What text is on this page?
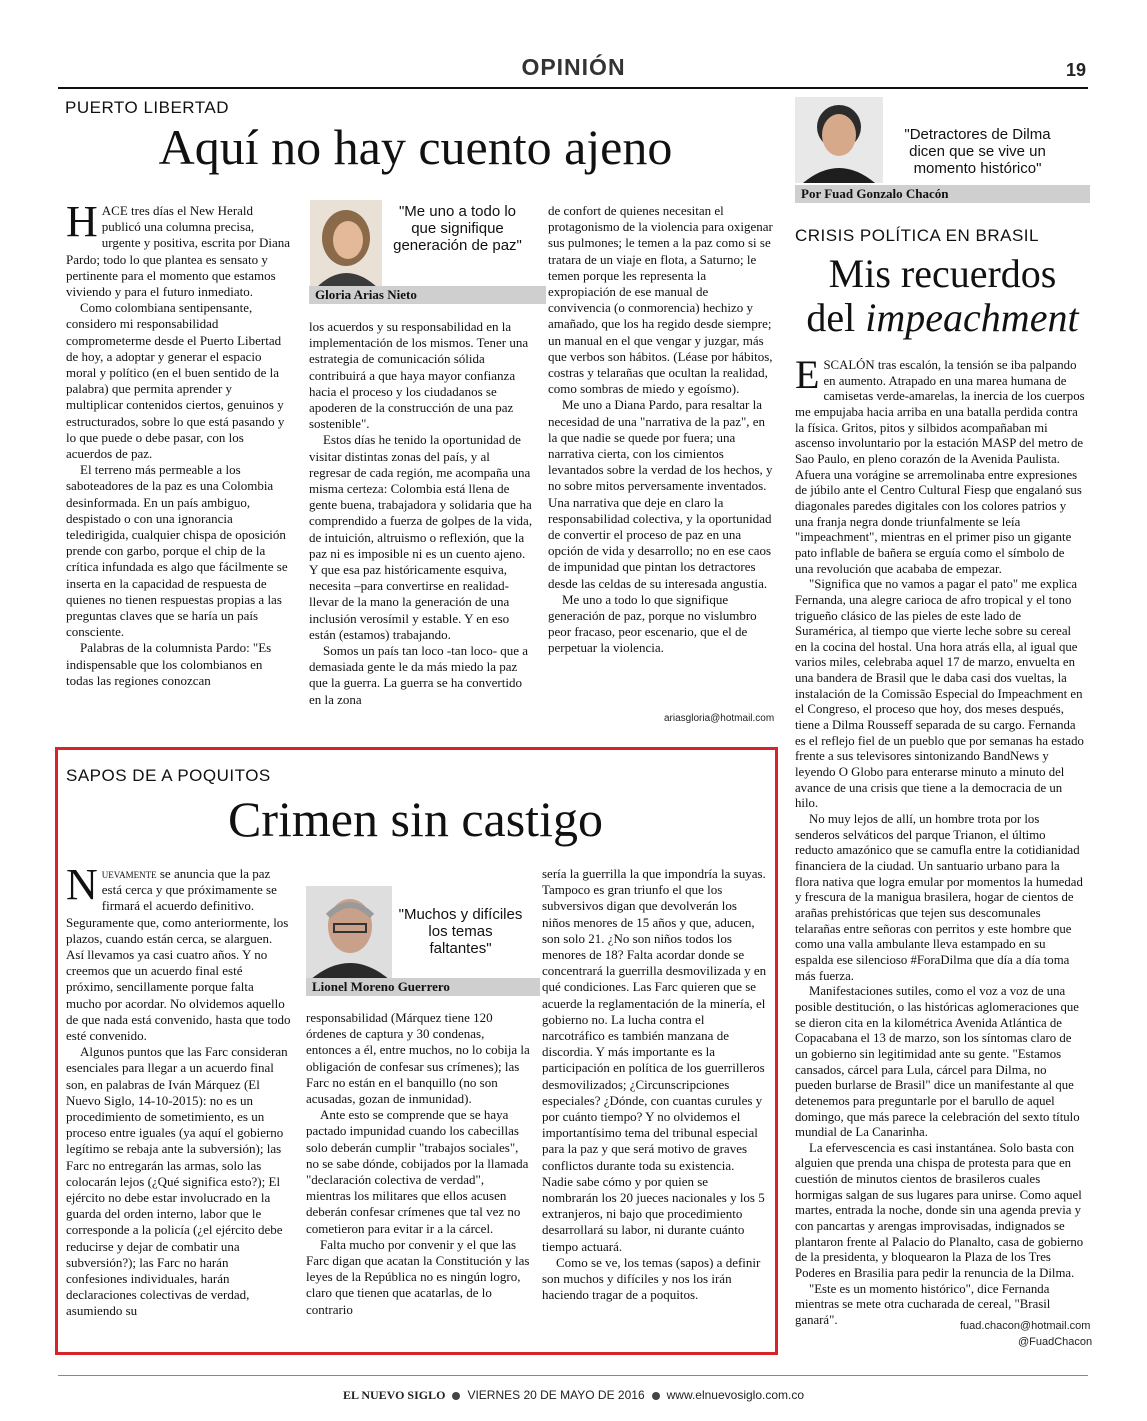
OPINIÓN	19
PUERTO LIBERTAD
Aquí no hay cuento ajeno

HACE tres días el New Herald publicó una columna precisa, urgente y positiva, escrita por Diana Pardo; todo lo que plantea es sensato y pertinente para el momento que estamos viviendo y para el futuro inmediato.

Como colombiana sentipensante, considero mi responsabilidad comprometerme desde el Puerto Libertad de hoy, a adoptar y generar el espacio moral y político (en el buen sentido de la palabra) que permita aprender y multiplicar contenidos ciertos, genuinos y estructurados, sobre lo que está pasando y lo que puede o debe pasar, con los acuerdos de paz.

El terreno más permeable a los saboteadores de la paz es una Colombia desinformada. En un país ambiguo, despistado o con una ignorancia teledirigida, cualquier chispa de oposición prende con garbo, porque el chip de la crítica infundada es algo que fácilmente se inserta en la capacidad de respuesta de quienes no tienen respuestas propias a las preguntas claves que se haría un país consciente.

Palabras de la columnista Pardo: "Es indispensable que los colombianos en todas las regiones conozcan

"Me uno a todo lo que signifique generación de paz"
Gloria Arias Nieto

los acuerdos y su responsabilidad en la implementación de los mismos. Tener una estrategia de comunicación sólida contribuirá a que haya mayor confianza hacia el proceso y los ciudadanos se apoderen de la construcción de una paz sostenible".

Estos días he tenido la oportunidad de visitar distintas zonas del país, y al regresar de cada región, me acompaña una misma certeza: Colombia está llena de gente buena, trabajadora y solidaria que ha comprendido a fuerza de golpes de la vida, de intuición, altruismo o reflexión, que la paz ni es imposible ni es un cuento ajeno. Y que esa paz históricamente esquiva, necesita –para convertirse en realidad- llevar de la mano la generación de una inclusión verosímil y estable. Y en eso están (estamos) trabajando.

Somos un país tan loco -tan loco- que a demasiada gente le da más miedo la paz que la guerra. La guerra se ha convertido en la zona

de confort de quienes necesitan el protagonismo de la violencia para oxigenar sus pulmones; le temen a la paz como si se tratara de un viaje en flota, a Saturno; le temen porque les representa la expropiación de ese manual de convivencia (o conmorencia) hechizo y amañado, que los ha regido desde siempre; un manual en el que vengar y juzgar, más que verbos son hábitos. (Léase por hábitos, costras y telarañas que ocultan la realidad, como sombras de miedo y egoísmo).

Me uno a Diana Pardo, para resaltar la necesidad de una "narrativa de la paz", en la que nadie se quede por fuera; una narrativa cierta, con los cimientos levantados sobre la verdad de los hechos, y no sobre mitos perversamente inventados. Una narrativa que deje en claro la responsabilidad colectiva, y la oportunidad de convertir el proceso de paz en una opción de vida y desarrollo; no en ese caos de impunidad que pintan los detractores desde las celdas de su interesada angustia.

Me uno a todo lo que signifique generación de paz, porque no vislumbro peor fracaso, peor escenario, que el de perpetuar la violencia.

ariasgloria@hotmail.com
"Detractores de Dilma dicen que se vive un momento histórico"
Por Fuad Gonzalo Chacón
CRISIS POLÍTICA EN BRASIL
Mis recuerdos
del impeachment

ESCALÓN tras escalón, la tensión se iba palpando en aumento. Atrapado en una marea humana de camisetas verde-amarelas, la inercia de los cuerpos me empujaba hacia arriba en una batalla perdida contra la física. Gritos, pitos y silbidos acompañaban mi ascenso involuntario por la estación MASP del metro de Sao Paulo, en pleno corazón de la Avenida Paulista. Afuera una vorágine se arremolinaba entre expresiones de júbilo ante el Centro Cultural Fiesp que engalanó sus diagonales paredes digitales con los colores patrios y una franja negra donde triunfalmente se leía "impeachment", mientras en el primer piso un gigante pato inflable de bañera se erguía como el símbolo de una revolución que acababa de empezar.

"Significa que no vamos a pagar el pato" me explica Fernanda, una alegre carioca de afro tropical y el tono trigueño clásico de las pieles de este lado de Suramérica, al tiempo que vierte leche sobre su cereal en la cocina del hostal. Una hora atrás ella, al igual que varios miles, celebraba aquel 17 de marzo, envuelta en una bandera de Brasil que le daba casi dos vueltas, la instalación de la Comissão Especial do Impeachment en el Congreso, el proceso que hoy, dos meses después, tiene a Dilma Rousseff separada de su cargo. Fernanda es el reflejo fiel de un pueblo que por semanas ha estado frente a sus televisores sintonizando BandNews y leyendo O Globo para enterarse minuto a minuto del avance de una crisis que tiene a la democracia de un hilo.

No muy lejos de allí, un hombre trota por los senderos selváticos del parque Trianon, el último reducto amazónico que se camufla entre la cotidianidad financiera de la ciudad. Un santuario urbano para la flora nativa que logra emular por momentos la humedad y frescura de la maniguа brasilera, hogar de cientos de arañas prehistóricas que tejen sus descomunales telarañas entre señoras con perritos y este hombre que como una valla ambulante lleva estampado en su espalda ese silencioso #ForaDilma que día a día toma más fuerza.

Manifestaciones sutiles, como el voz a voz de una posible destitución, o las históricas aglomeraciones que se dieron cita en la kilométrica Avenida Atlántica de Copacabana el 13 de marzo, son los síntomas claro de un gobierno sin legitimidad ante su gente. "Estamos cansados, cárcel para Lula, cárcel para Dilma, no pueden burlarse de Brasil" dice un manifestante al que detenemos para preguntarle por el barullo de aquel domingo, que más parece la celebración del sexto título mundial de La Canarinha.

La efervescencia es casi instantánea. Solo basta con alguien que prenda una chispa de protesta para que en cuestión de minutos cientos de brasileros cuales hormigas salgan de sus lugares para unirse. Como aquel martes, entrada la noche, donde sin una agenda previa y con pancartas y arengas improvisadas, indignados se plantaron frente al Palacio do Planalto, casa de gobierno de la presidenta, y bloquearon la Plaza de los Tres Poderes en Brasilia para pedir la renuncia de la Dilma.

"Este es un momento histórico", dice Fernanda mientras se mete otra cucharada de cereal, "Brasil ganará".	fuad.chacon@hotmail.com
@FuadChacon
SAPOS DE A POQUITOS
Crimen sin castigo

Nuevamente se anuncia que la paz está cerca y que próximamente se firmará el acuerdo definitivo. Seguramente que, como anteriormente, los plazos, cuando están cerca, se alarguen. Así llevamos ya casi cuatro años. Y no creemos que un acuerdo final esté próximo, sencillamente porque falta mucho por acordar. No olvidemos aquello de que nada está convenido, hasta que todo esté convenido.

Algunos puntos que las Farc consideran esenciales para llegar a un acuerdo final son, en palabras de Iván Márquez (El Nuevo Siglo, 14-10-2015): no es un procedimiento de sometimiento, es un proceso entre iguales (ya aquí el gobierno legítimo se rebaja ante la subversión); las Farc no entregarán las armas, solo las colocarán lejos (¿Qué significa esto?); El ejército no debe estar involucrado en la guarda del orden interno, labor que le corresponde a la policía (¿el ejército debe reducirse y dejar de combatir una subversión?); las Farc no harán confesiones individuales, harán declaraciones colectivas de verdad, asumiendo su

"Muchos y difíciles los temas faltantes"
Lionel Moreno Guerrero

responsabilidad (Márquez tiene 120 órdenes de captura y 30 condenas, entonces a él, entre muchos, no lo cobija la obligación de confesar sus crímenes); las Farc no están en el banquillo (no son acusadas, gozan de inmunidad).

Ante esto se comprende que se haya pactado impunidad cuando los cabecillas solo deberán cumplir "trabajos sociales", no se sabe dónde, cobijados por la llamada "declaración colectiva de verdad", mientras los militares que ellos acusen deberán confesar crímenes que tal vez no cometieron para evitar ir a la cárcel.

Falta mucho por convenir y el que las Farc digan que acatan la Constitución y las leyes de la República no es ningún logro, claro que tienen que acatarlas, de lo contrario

sería la guerrilla la que impondría la suyas. Tampoco es gran triunfo el que los subversivos digan que devolverán los niños menores de 15 años y que, aducen, son solo 21. ¿No son niños todos los menores de 18? Falta acordar donde se concentrará la guerrilla desmovilizada y en qué condiciones. Las Farc quieren que se acuerde la reglamentación de la minería, el gobierno no. La lucha contra el narcotráfico es también manzana de discordia. Y más importante es la participación en política de los guerrilleros desmovilizados; ¿Circunscripciones especiales? ¿Dónde, con cuantas curules y por cuánto tiempo? Y no olvidemos el importantísimo tema del tribunal especial para la paz y que será motivo de graves conflictos durante toda su existencia. Nadie sabe cómo y por quien se nombrarán los 20 jueces nacionales y los 5 extranjeros, ni bajo que procedimiento desarrollará su labor, ni durante cuánto tiempo actuará.

Como se ve, los temas (sapos) a definir son muchos y difíciles y nos los irán haciendo tragar de a poquitos.

EL NUEVO SIGLO VIERNES 20 DE MAYO DE 2016 www.elnuevosiglo.com.co
